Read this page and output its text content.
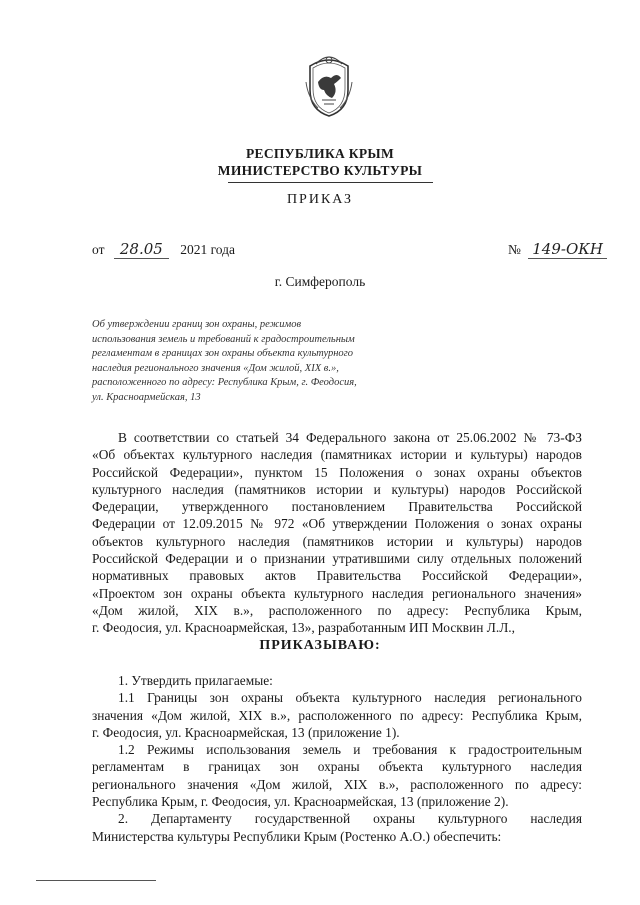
РЕСПУБЛИКА КРЫМ
МИНИСТЕРСТВО КУЛЬТУРЫ
ПРИКАЗ
от 28.05 2021 года	№ 149-ОКН
г. Симферополь
Об утверждении границ зон охраны, режимов
использования земель и требований к градостроительным
регламентам в границах зон охраны объекта культурного
наследия регионального значения «Дом жилой, XIX в.»,
расположенного по адресу: Республика Крым, г. Феодосия,
ул. Красноармейская, 13
В соответствии со статьей 34 Федерального закона от 25.06.2002 № 73-ФЗ
«Об объектах культурного наследия (памятниках истории и культуры) народов
Российской Федерации», пунктом 15 Положения о зонах охраны объектов
культурного наследия (памятников истории и культуры) народов Российской
Федерации, утвержденного постановлением Правительства Российской
Федерации от 12.09.2015 № 972 «Об утверждении Положения о зонах охраны
объектов культурного наследия (памятников истории и культуры) народов
Российской Федерации и о признании утратившими силу отдельных положений
нормативных правовых актов Правительства Российской Федерации»,
«Проектом зон охраны объекта культурного наследия регионального значения»
«Дом жилой, XIX в.», расположенного по адресу: Республика Крым,
г. Феодосия, ул. Красноармейская, 13», разработанным ИП Москвин Л.Л.,
ПРИКАЗЫВАЮ:
1. Утвердить прилагаемые:
1.1 Границы зон охраны объекта культурного наследия регионального
значения «Дом жилой, XIX в.», расположенного по адресу: Республика Крым,
г. Феодосия, ул. Красноармейская, 13 (приложение 1).
1.2 Режимы использования земель и требования к градостроительным
регламентам в границах зон охраны объекта культурного наследия
регионального значения «Дом жилой, XIX в.», расположенного по адресу:
Республика Крым, г. Феодосия, ул. Красноармейская, 13 (приложение 2).
2. Департаменту государственной охраны культурного наследия
Министерства культуры Республики Крым (Ростенко А.О.) обеспечить:
